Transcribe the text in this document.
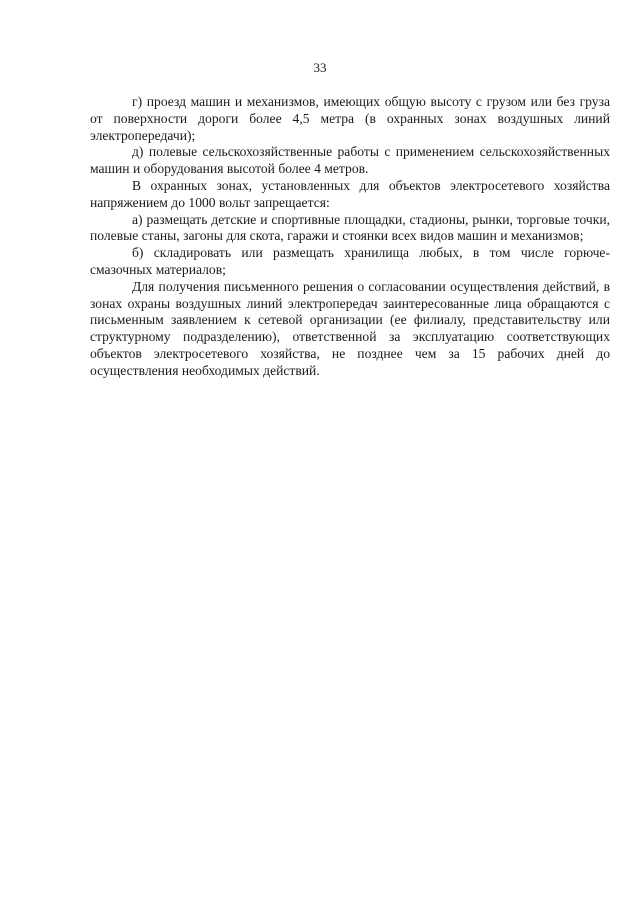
33

г) проезд машин и механизмов, имеющих общую высоту с грузом или без груза от поверхности дороги более 4,5 метра (в охранных зонах воздушных линий электропередачи);

д) полевые сельскохозяйственные работы с применением сельскохозяйственных машин и оборудования высотой более 4 метров.

В охранных зонах, установленных для объектов электросетевого хозяйства напряжением до 1000 вольт запрещается:

а) размещать детские и спортивные площадки, стадионы, рынки, торговые точки, полевые станы, загоны для скота, гаражи и стоянки всех видов машин и механизмов;

б) складировать или размещать хранилища любых, в том числе горюче-смазочных материалов;

Для получения письменного решения о согласовании осуществления действий, в зонах охраны воздушных линий электропередач заинтересованные лица обращаются с письменным заявлением к сетевой организации (ее филиалу, представительству или структурному подразделению), ответственной за эксплуатацию соответствующих объектов электросетевого хозяйства, не позднее чем за 15 рабочих дней до осуществления необходимых действий.
